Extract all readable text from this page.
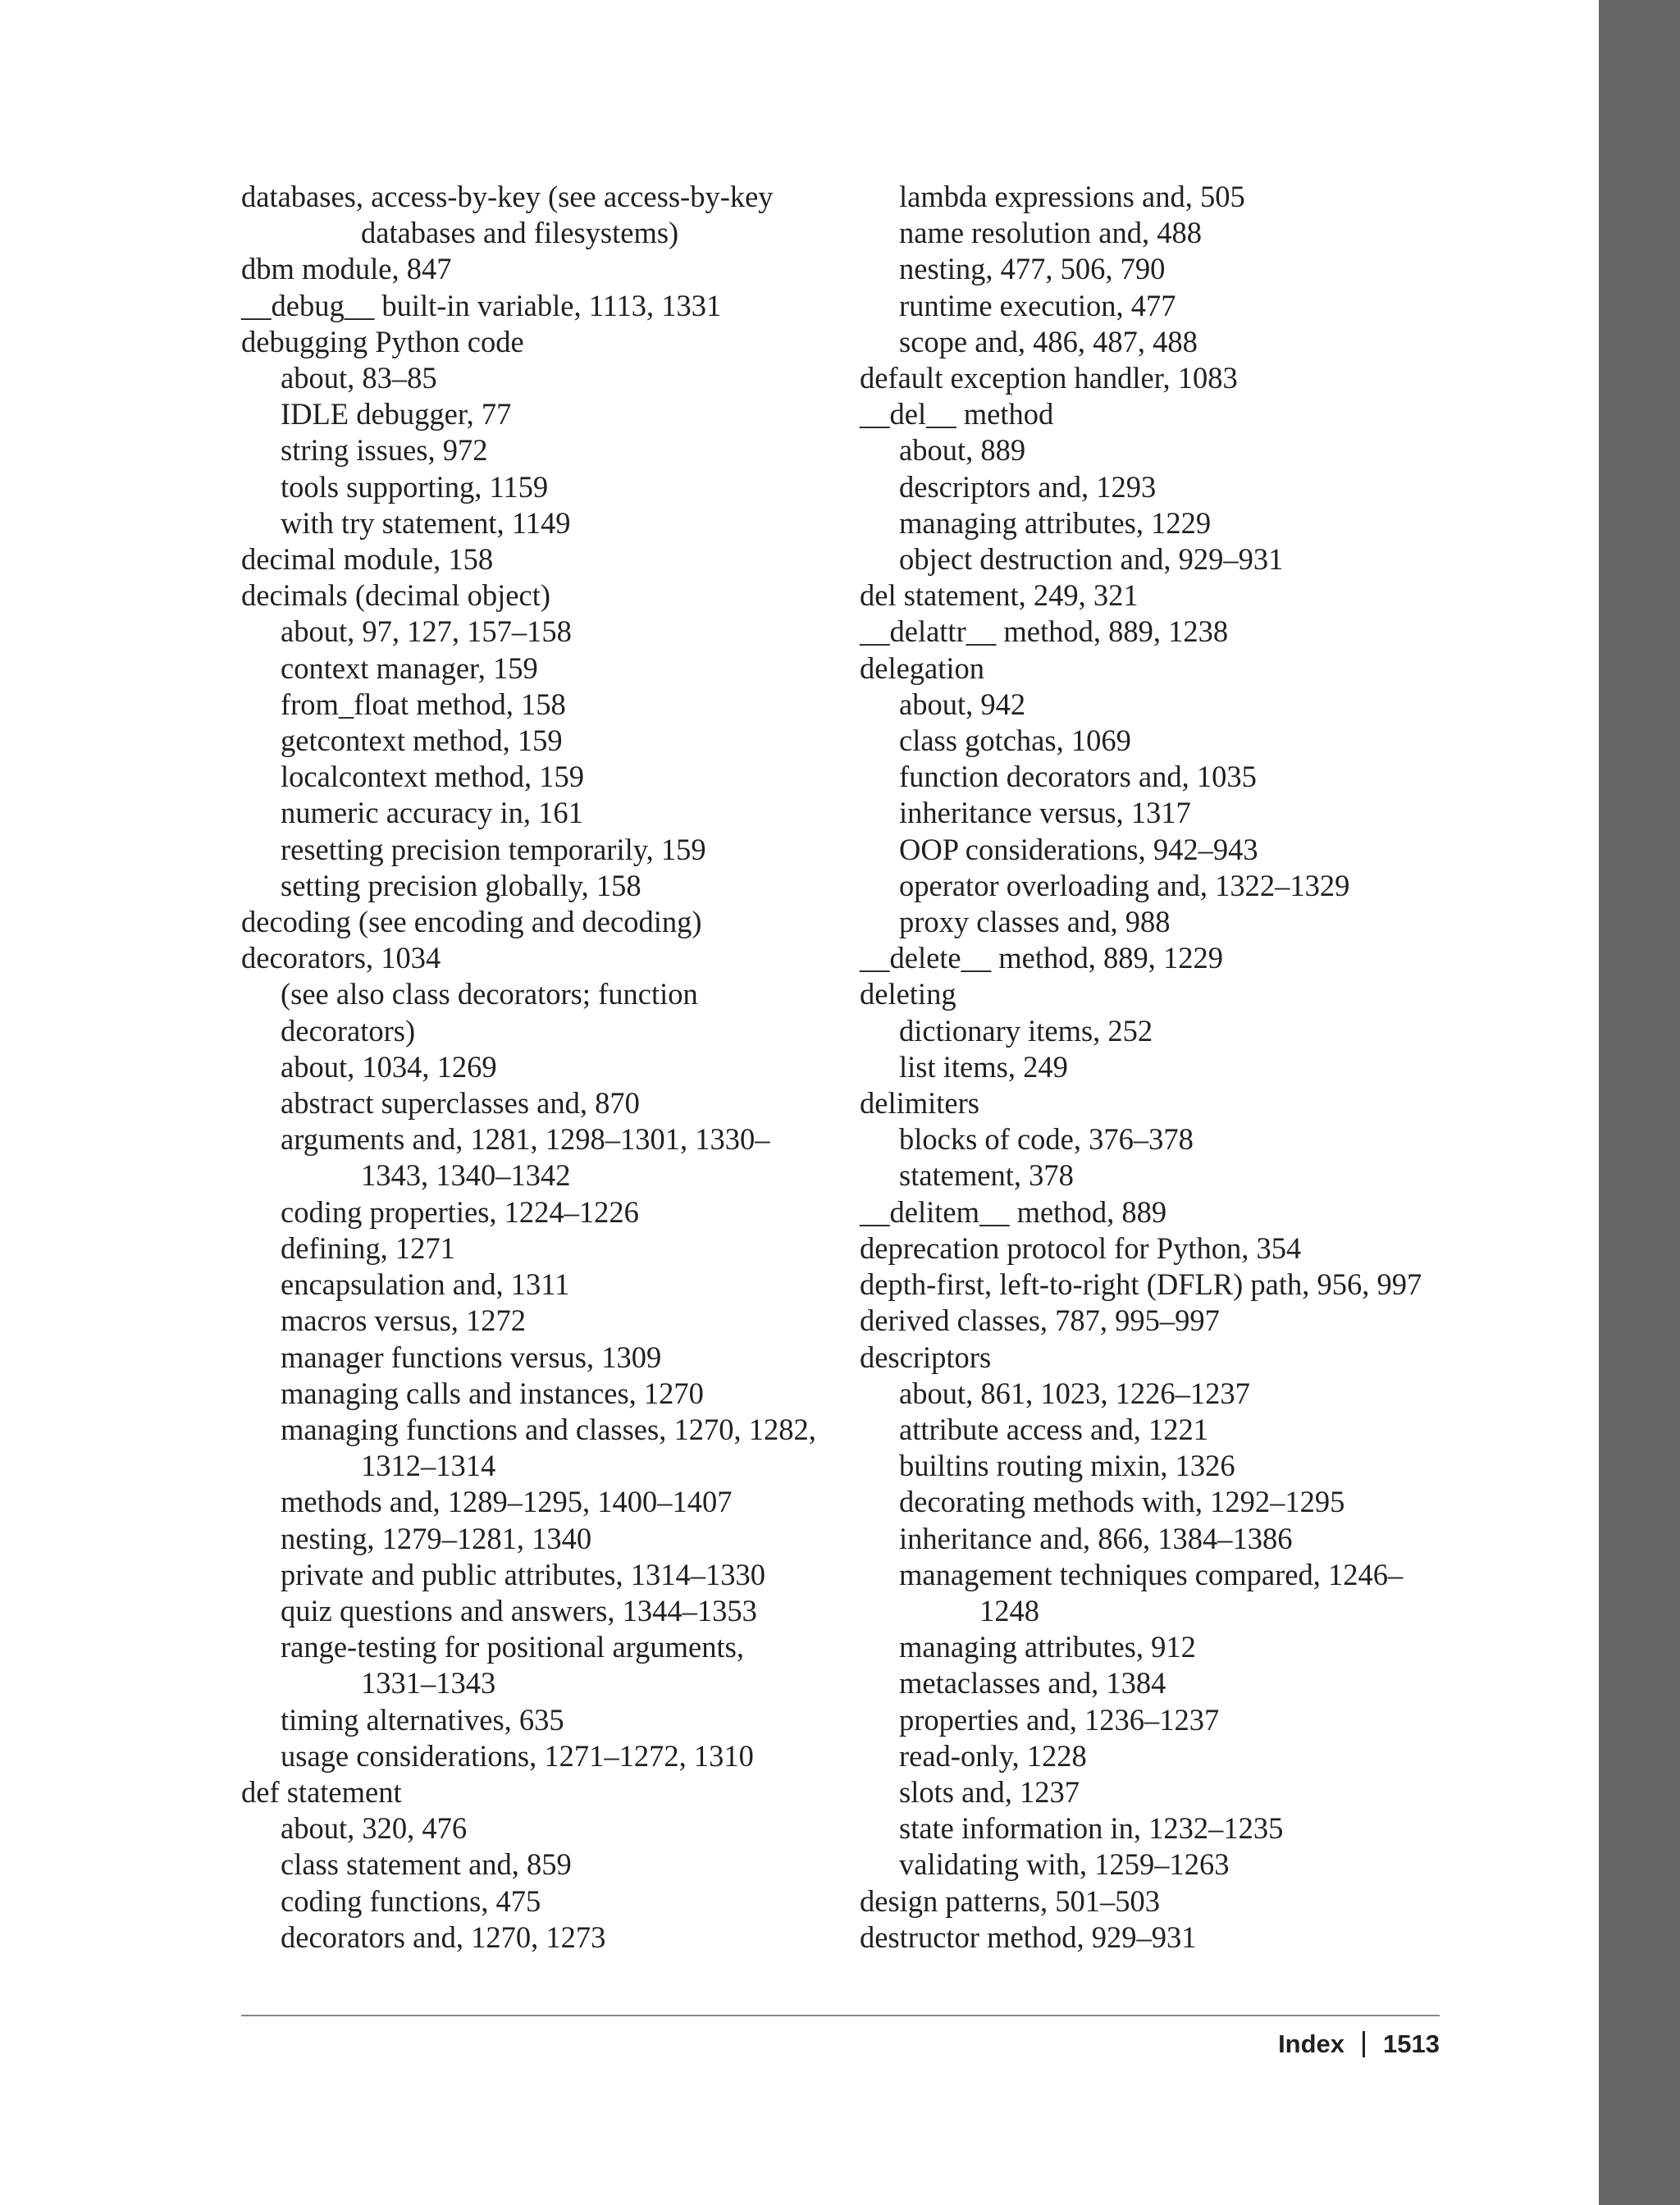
databases, access-by-key (see access-by-key
databases and filesystems)

dbm module, 847

__debug__ built-in variable, 1113, 1331

debugging Python code

about, 83–85

IDLE debugger, 77

string issues, 972

tools supporting, 1159

with try statement, 1149

decimal module, 158

decimals (decimal object)

about, 97, 127, 157–158

context manager, 159

from_float method, 158

getcontext method, 159

localcontext method, 159

numeric accuracy in, 161

resetting precision temporarily, 159

setting precision globally, 158

decoding (see encoding and decoding)

decorators, 1034

(see also class decorators; function

decorators)

about, 1034, 1269

abstract superclasses and, 870

arguments and, 1281, 1298–1301, 1330–
1343, 1340–1342

coding properties, 1224–1226

defining, 1271

encapsulation and, 1311

macros versus, 1272

manager functions versus, 1309

managing calls and instances, 1270

managing functions and classes, 1270, 1282,
1312–1314

methods and, 1289–1295, 1400–1407

nesting, 1279–1281, 1340

private and public attributes, 1314–1330

quiz questions and answers, 1344–1353

range-testing for positional arguments,
1331–1343

timing alternatives, 635

usage considerations, 1271–1272, 1310

def statement

about, 320, 476

class statement and, 859

coding functions, 475

decorators and, 1270, 1273

lambda expressions and, 505

name resolution and, 488

nesting, 477, 506, 790

runtime execution, 477

scope and, 486, 487, 488

default exception handler, 1083

__del__ method

about, 889

descriptors and, 1293

managing attributes, 1229

object destruction and, 929–931

del statement, 249, 321

__delattr__ method, 889, 1238

delegation

about, 942

class gotchas, 1069

function decorators and, 1035

inheritance versus, 1317

OOP considerations, 942–943

operator overloading and, 1322–1329

proxy classes and, 988

__delete__ method, 889, 1229

deleting

dictionary items, 252

list items, 249

delimiters

blocks of code, 376–378

statement, 378

__delitem__ method, 889

deprecation protocol for Python, 354

depth-first, left-to-right (DFLR) path, 956, 997

derived classes, 787, 995–997

descriptors

about, 861, 1023, 1226–1237

attribute access and, 1221

builtins routing mixin, 1326

decorating methods with, 1292–1295

inheritance and, 866, 1384–1386

management techniques compared, 1246–
1248

managing attributes, 912

metaclasses and, 1384

properties and, 1236–1237

read-only, 1228

slots and, 1237

state information in, 1232–1235

validating with, 1259–1263

design patterns, 501–503

destructor method, 929–931

Index 1513
